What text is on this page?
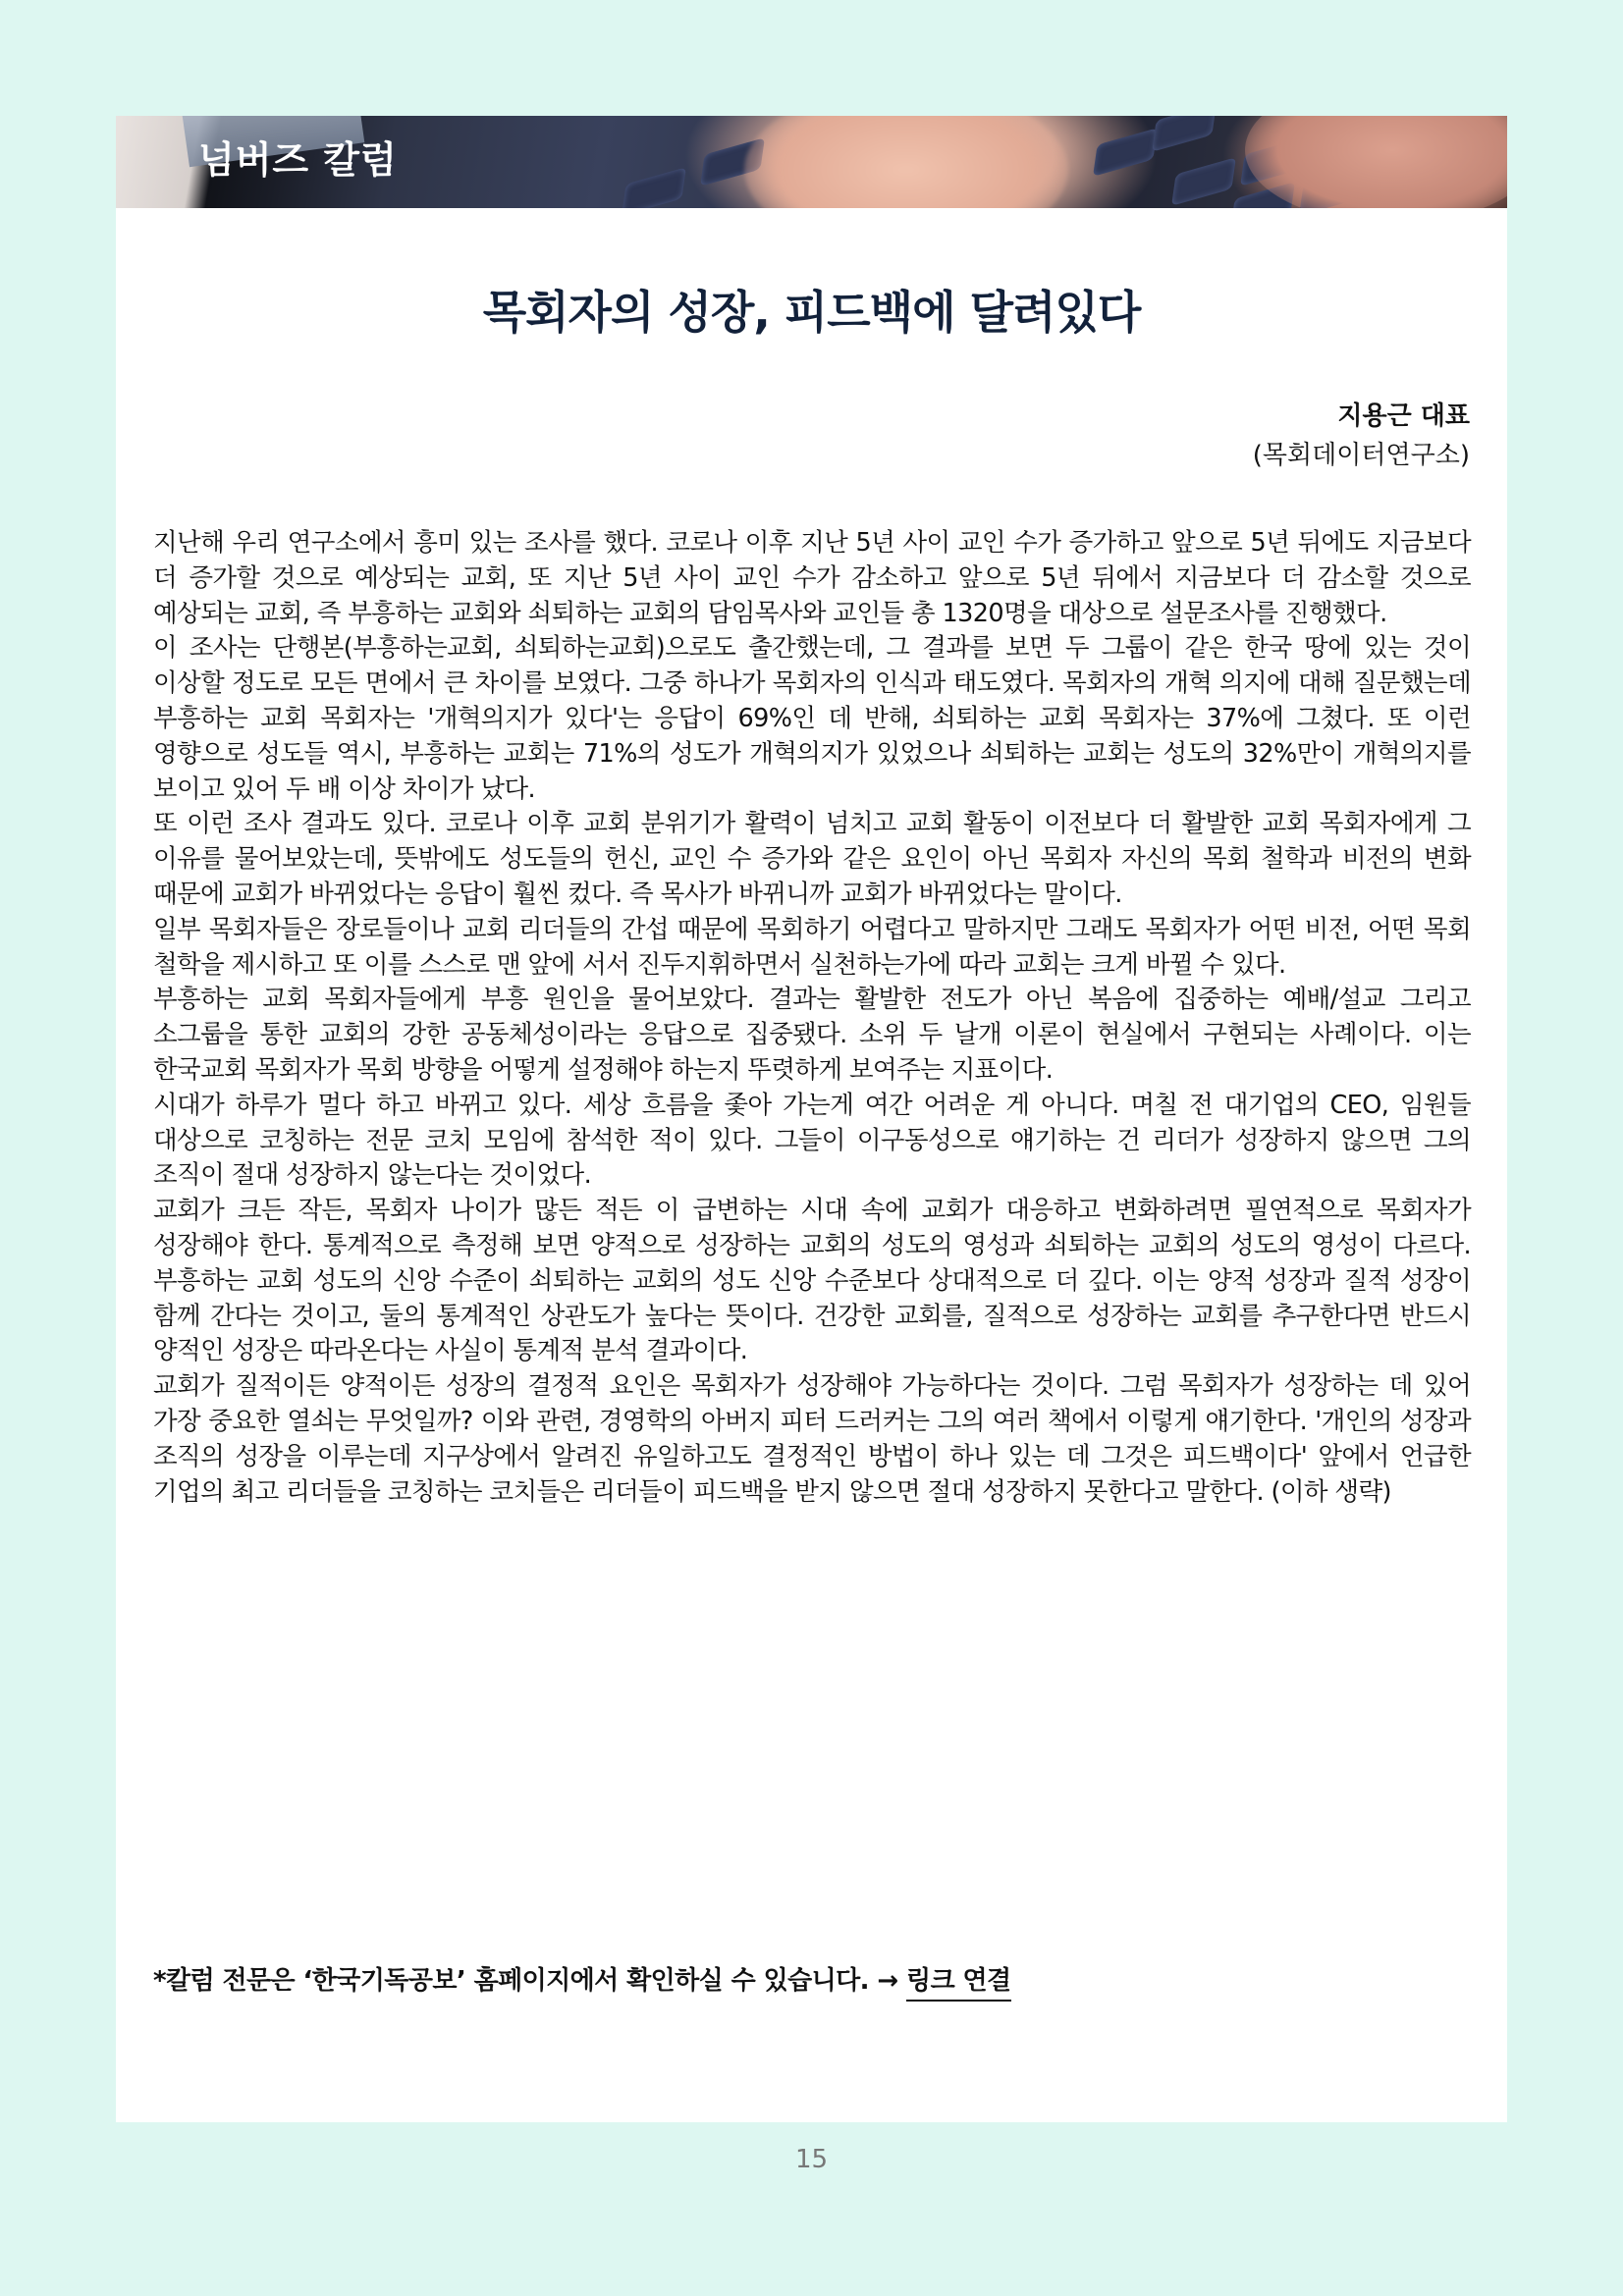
넘버즈 칼럼
목회자의 성장, 피드백에 달려있다
지용근 대표
(목회데이터연구소)

지난해 우리 연구소에서 흥미 있는 조사를 했다. 코로나 이후 지난 5년 사이 교인 수가 증가하고 앞으로 5년 뒤에도 지금보다 더 증가할 것으로 예상되는 교회, 또 지난 5년 사이 교인 수가 감소하고 앞으로 5년 뒤에서 지금보다 더 감소할 것으로 예상되는 교회, 즉 부흥하는 교회와 쇠퇴하는 교회의 담임목사와 교인들 총 1320명을 대상으로 설문조사를 진행했다.

이 조사는 단행본(부흥하는교회, 쇠퇴하는교회)으로도 출간했는데, 그 결과를 보면 두 그룹이 같은 한국 땅에 있는 것이 이상할 정도로 모든 면에서 큰 차이를 보였다. 그중 하나가 목회자의 인식과 태도였다. 목회자의 개혁 의지에 대해 질문했는데 부흥하는 교회 목회자는 '개혁의지가 있다'는 응답이 69%인 데 반해, 쇠퇴하는 교회 목회자는 37%에 그쳤다. 또 이런 영향으로 성도들 역시, 부흥하는 교회는 71%의 성도가 개혁의지가 있었으나 쇠퇴하는 교회는 성도의 32%만이 개혁의지를 보이고 있어 두 배 이상 차이가 났다.

또 이런 조사 결과도 있다. 코로나 이후 교회 분위기가 활력이 넘치고 교회 활동이 이전보다 더 활발한 교회 목회자에게 그 이유를 물어보았는데, 뜻밖에도 성도들의 헌신, 교인 수 증가와 같은 요인이 아닌 목회자 자신의 목회 철학과 비전의 변화 때문에 교회가 바뀌었다는 응답이 훨씬 컸다. 즉 목사가 바뀌니까 교회가 바뀌었다는 말이다.

일부 목회자들은 장로들이나 교회 리더들의 간섭 때문에 목회하기 어렵다고 말하지만 그래도 목회자가 어떤 비전, 어떤 목회 철학을 제시하고 또 이를 스스로 맨 앞에 서서 진두지휘하면서 실천하는가에 따라 교회는 크게 바뀔 수 있다.

부흥하는 교회 목회자들에게 부흥 원인을 물어보았다. 결과는 활발한 전도가 아닌 복음에 집중하는 예배/설교 그리고 소그룹을 통한 교회의 강한 공동체성이라는 응답으로 집중됐다. 소위 두 날개 이론이 현실에서 구현되는 사례이다. 이는 한국교회 목회자가 목회 방향을 어떻게 설정해야 하는지 뚜렷하게 보여주는 지표이다.

시대가 하루가 멀다 하고 바뀌고 있다. 세상 흐름을 좇아 가는게 여간 어려운 게 아니다. 며칠 전 대기업의 CEO, 임원들 대상으로 코칭하는 전문 코치 모임에 참석한 적이 있다. 그들이 이구동성으로 얘기하는 건 리더가 성장하지 않으면 그의 조직이 절대 성장하지 않는다는 것이었다.

교회가 크든 작든, 목회자 나이가 많든 적든 이 급변하는 시대 속에 교회가 대응하고 변화하려면 필연적으로 목회자가 성장해야 한다. 통계적으로 측정해 보면 양적으로 성장하는 교회의 성도의 영성과 쇠퇴하는 교회의 성도의 영성이 다르다. 부흥하는 교회 성도의 신앙 수준이 쇠퇴하는 교회의 성도 신앙 수준보다 상대적으로 더 깊다. 이는 양적 성장과 질적 성장이 함께 간다는 것이고, 둘의 통계적인 상관도가 높다는 뜻이다. 건강한 교회를, 질적으로 성장하는 교회를 추구한다면 반드시 양적인 성장은 따라온다는 사실이 통계적 분석 결과이다.

교회가 질적이든 양적이든 성장의 결정적 요인은 목회자가 성장해야 가능하다는 것이다. 그럼 목회자가 성장하는 데 있어 가장 중요한 열쇠는 무엇일까? 이와 관련, 경영학의 아버지 피터 드러커는 그의 여러 책에서 이렇게 얘기한다. '개인의 성장과 조직의 성장을 이루는데 지구상에서 알려진 유일하고도 결정적인 방법이 하나 있는 데 그것은 피드백이다' 앞에서 언급한 기업의 최고 리더들을 코칭하는 코치들은 리더들이 피드백을 받지 않으면 절대 성장하지 못한다고 말한다. (이하 생략)

*칼럼 전문은 ‘한국기독공보’ 홈페이지에서 확인하실 수 있습니다. → 링크 연결
15
